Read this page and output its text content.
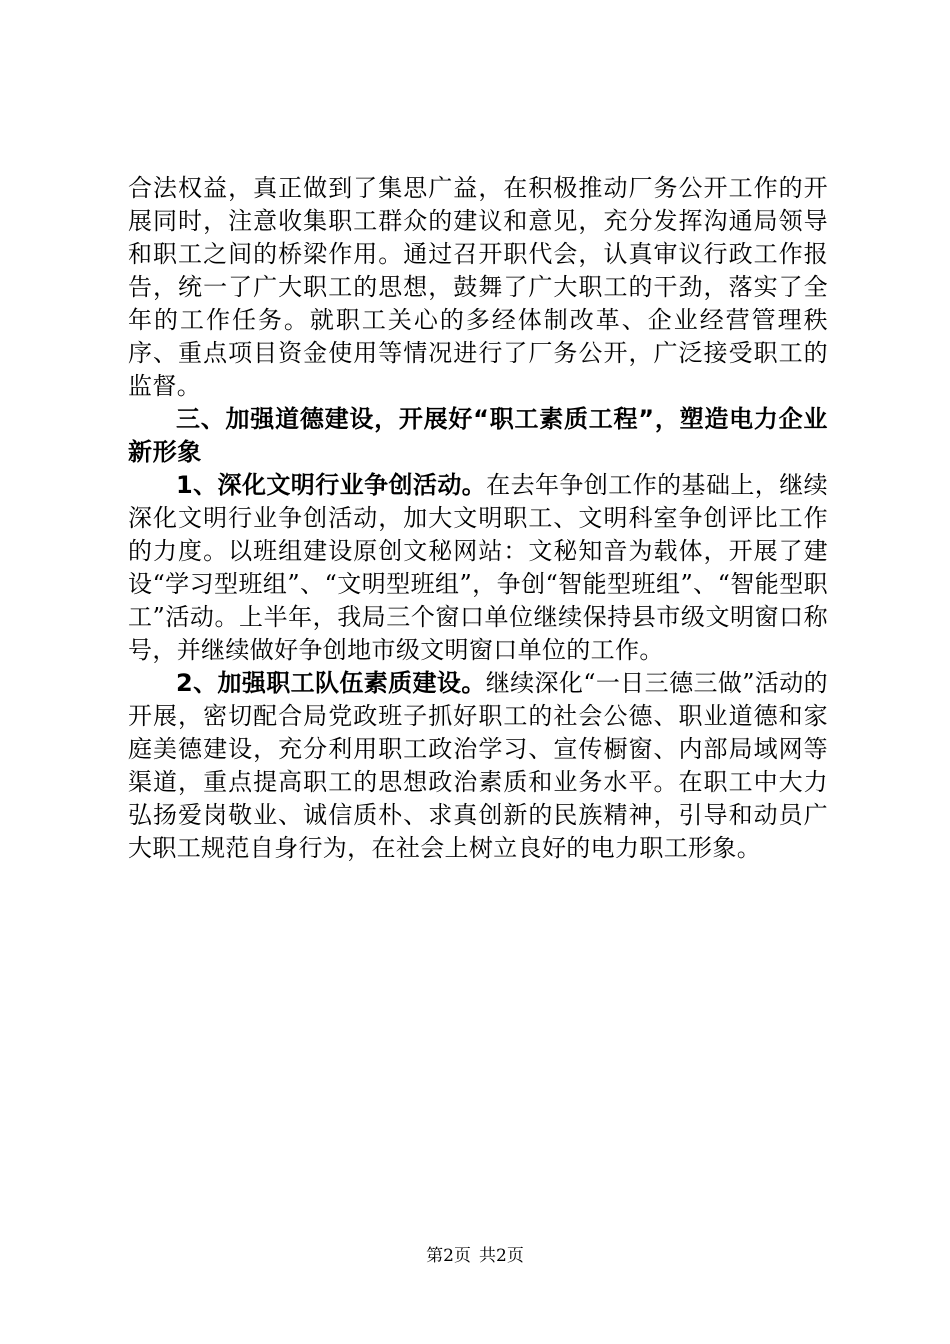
合法权益，真正做到了集思广益，在积极推动厂务公开工作的开展同时，注意收集职工群众的建议和意见，充分发挥沟通局领导和职工之间的桥梁作用。通过召开职代会，认真审议行政工作报告，统一了广大职工的思想，鼓舞了广大职工的干劲，落实了全年的工作任务。就职工关心的多经体制改革、企业经营管理秩序、重点项目资金使用等情况进行了厂务公开，广泛接受职工的监督。

三、加强道德建设，开展好“职工素质工程”，塑造电力企业新形象

1、深化文明行业争创活动。在去年争创工作的基础上，继续深化文明行业争创活动，加大文明职工、文明科室争创评比工作的力度。以班组建设原创文秘网站：文秘知音为载体，开展了建设“学习型班组”、“文明型班组”，争创“智能型班组”、“智能型职工”活动。上半年，我局三个窗口单位继续保持县市级文明窗口称号，并继续做好争创地市级文明窗口单位的工作。

2、加强职工队伍素质建设。继续深化“一日三德三做”活动的开展，密切配合局党政班子抓好职工的社会公德、职业道德和家庭美德建设，充分利用职工政治学习、宣传橱窗、内部局域网等渠道，重点提高职工的思想政治素质和业务水平。在职工中大力弘扬爱岗敬业、诚信质朴、求真创新的民族精神，引导和动员广大职工规范自身行为，在社会上树立良好的电力职工形象。

第2页 共2页
